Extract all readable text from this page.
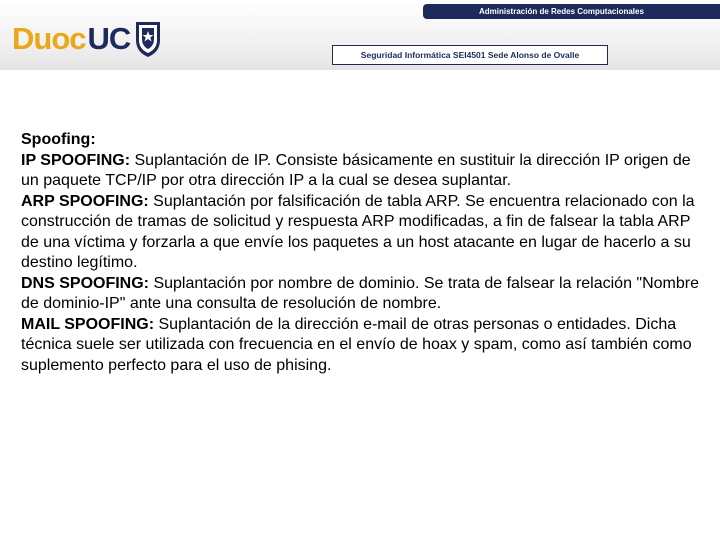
Administración de Redes Computacionales
Duoc UC	Seguridad Informática SEI4501 Sede Alonso de Ovalle

Spoofing:

IP SPOOFING: Suplantación de IP. Consiste básicamente en sustituir la dirección IP origen de un paquete TCP/IP por otra dirección IP a la cual se desea suplantar.

ARP SPOOFING: Suplantación por falsificación de tabla ARP. Se encuentra relacionado con la construcción de tramas de solicitud y respuesta ARP modificadas, a fin de falsear la tabla ARP de una víctima y forzarla a que envíe los paquetes a un host atacante en lugar de hacerlo a su destino legítimo.

DNS SPOOFING: Suplantación por nombre de dominio. Se trata de falsear la relación "Nombre de dominio-IP" ante una consulta de resolución de nombre.

MAIL SPOOFING: Suplantación de la dirección e-mail de otras personas o entidades. Dicha técnica suele ser utilizada con frecuencia en el envío de hoax y spam, como así también como suplemento perfecto para el uso de phising.
